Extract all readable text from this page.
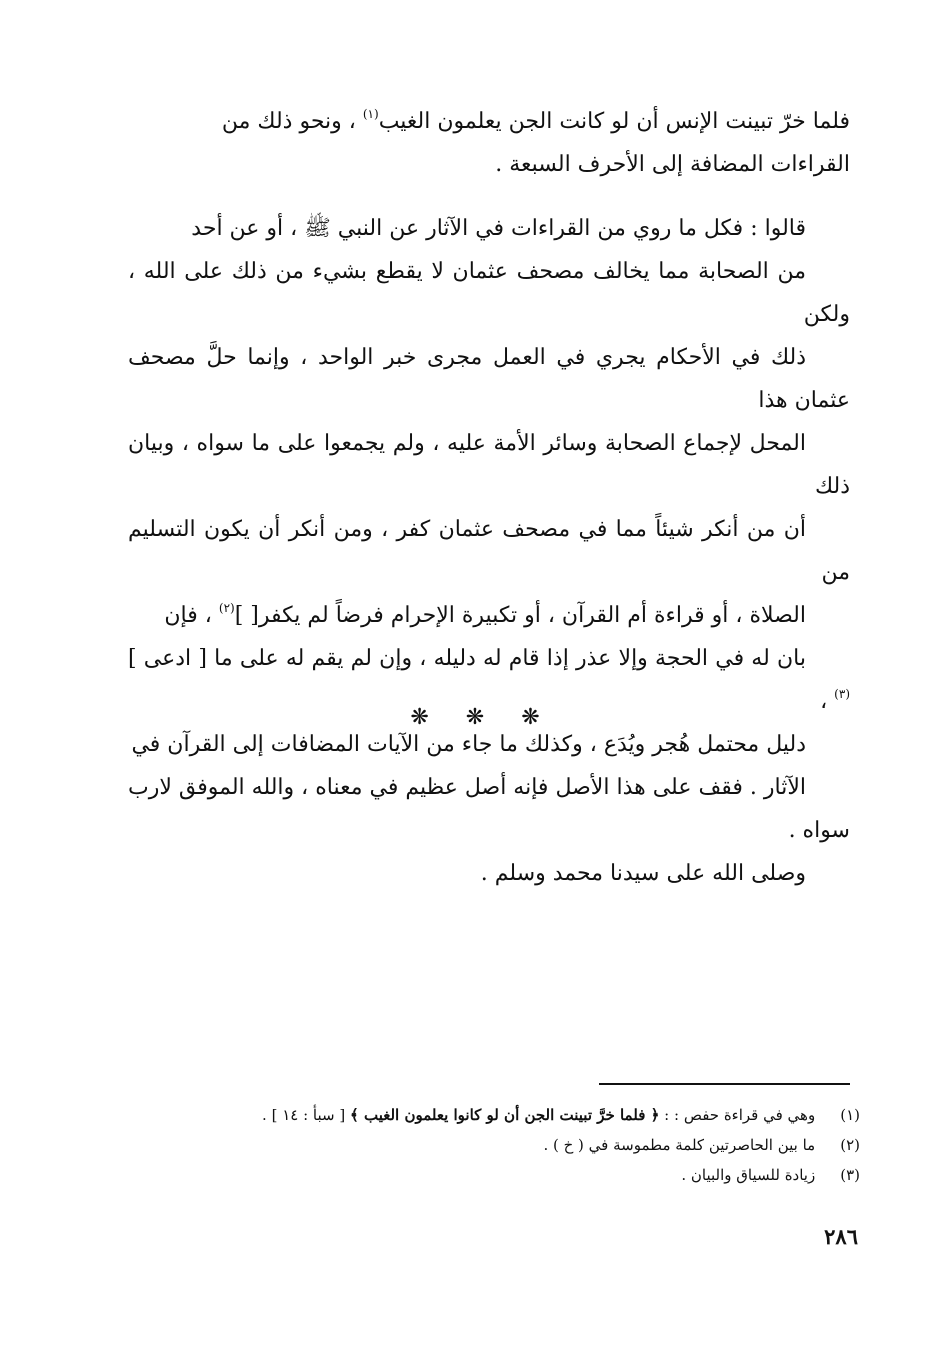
فلما خرّ تبينت الإنس أن لو كانت الجن يعلمون الغيب$^{(١)}$ ، ونحو ذلك من
القراءات المضافة إلى الأحرف السبعة .

قالوا : فكل ما روي من القراءات في الآثار عن النبي ﷺ ، أو عن أحد
من الصحابة مما يخالف مصحف عثمان لا يقطع بشيء من ذلك على الله ، ولكن
ذلك في الأحكام يجري في العمل مجرى خبر الواحد ، وإنما حلَّ مصحف عثمان هذا
المحل لإجماع الصحابة وسائر الأمة عليه ، ولم يجمعوا على ما سواه ، وبيان ذلك
أن من أنكر شيئاً مما في مصحف عثمان كفر ، ومن أنكر أن يكون التسليم من
الصلاة ، أو قراءة أم القرآن ، أو تكبيرة الإحرام فرضاً لم يكفر[ ]$^{(٢)}$ ، فإن
بان له في الحجة وإلا عذر إذا قام له دليله ، وإن لم يقم له على ما [ ادعى ]$^{(٣)}$ ،
دليل محتمل هُجر ويُدَع ، وكذلك ما جاء من الآيات المضافات إلى القرآن في
الآثار . فقف على هذا الأصل فإنه أصل عظيم في معناه ، والله الموفق لارب سواه .
وصلى الله على سيدنا محمد وسلم .

❋ ❋ ❋
(١) وهي في قراءة حفص : : ﴿ فلما خرَّ تبينت الجن أن لو كانوا يعلمون الغيب ﴾ [ سبأ : ١٤ ] .
(٢) ما بين الحاصرتين كلمة مطموسة في ( خ ) .
(٣) زيادة للسياق والبيان .
٢٨٦
